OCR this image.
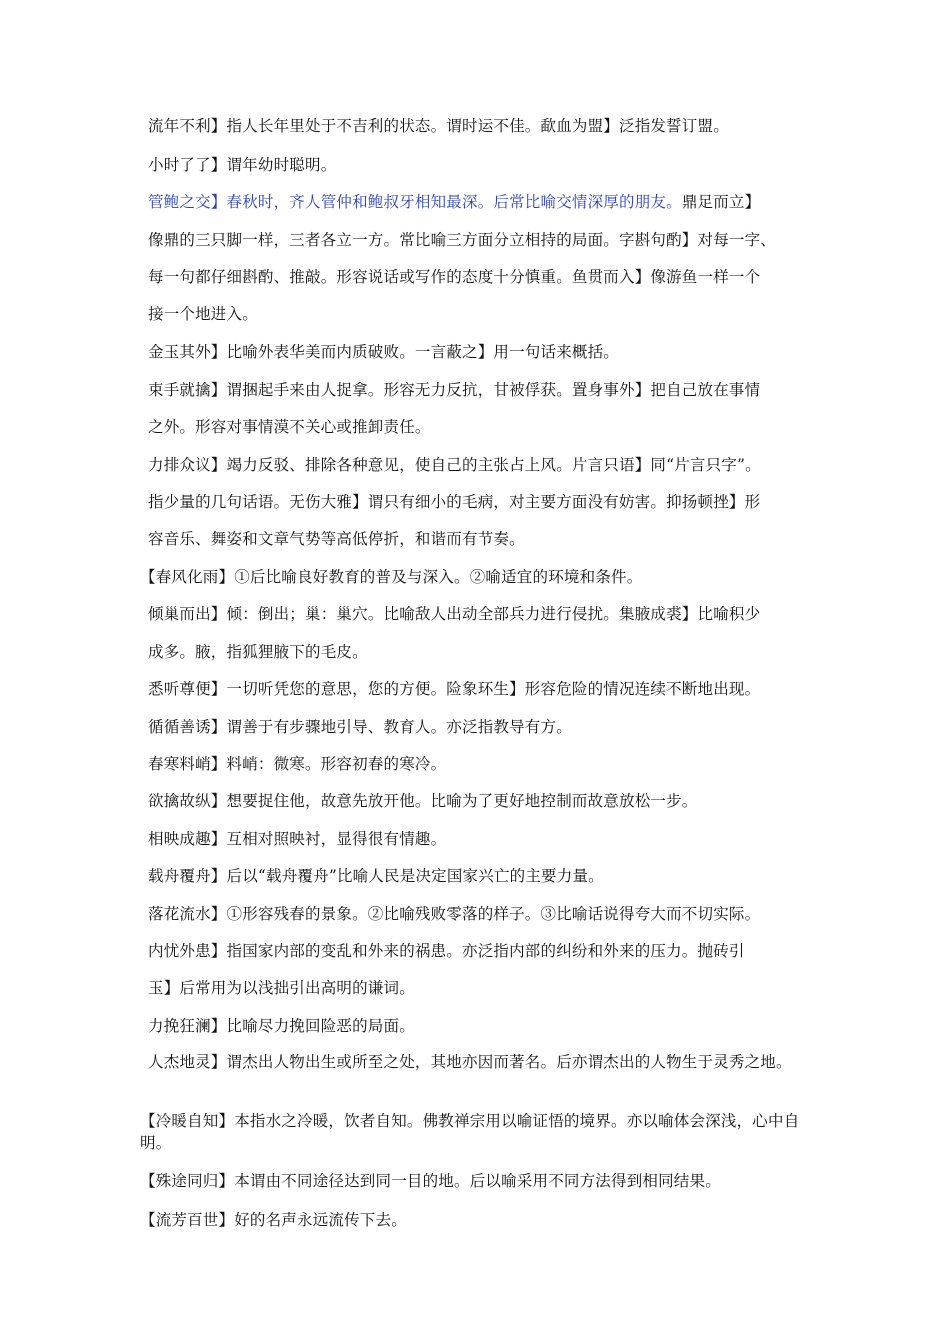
流年不利】指人长年里处于不吉利的状态。谓时运不佳。歃血为盟】泛指发誓订盟。
小时了了】谓年幼时聪明。
管鲍之交】春秋时，齐人管仲和鲍叔牙相知最深。后常比喻交情深厚的朋友。鼎足而立】
像鼎的三只脚一样，三者各立一方。常比喻三方面分立相持的局面。字斟句酌】对每一字、
每一句都仔细斟酌、推敲。形容说话或写作的态度十分慎重。鱼贯而入】像游鱼一样一个
接一个地进入。
金玉其外】比喻外表华美而内质破败。一言蔽之】用一句话来概括。
束手就擒】谓捆起手来由人捉拿。形容无力反抗，甘被俘获。置身事外】把自己放在事情
之外。形容对事情漠不关心或推卸责任。
力排众议】竭力反驳、排除各种意见，使自己的主张占上风。片言只语】同“片言只字”。
指少量的几句话语。无伤大雅】谓只有细小的毛病，对主要方面没有妨害。抑扬顿挫】形
容音乐、舞姿和文章气势等高低停折，和谐而有节奏。
【春风化雨】①后比喻良好教育的普及与深入。②喻适宜的环境和条件。
倾巢而出】倾：倒出；巢：巢穴。比喻敌人出动全部兵力进行侵扰。集腋成裘】比喻积少
成多。腋，指狐狸腋下的毛皮。
悉听尊便】一切听凭您的意思，您的方便。险象环生】形容危险的情况连续不断地出现。
循循善诱】谓善于有步骤地引导、教育人。亦泛指教导有方。
春寒料峭】料峭：微寒。形容初春的寒冷。
欲擒故纵】想要捉住他，故意先放开他。比喻为了更好地控制而故意放松一步。
相映成趣】互相对照映衬，显得很有情趣。
载舟覆舟】后以“载舟覆舟”比喻人民是决定国家兴亡的主要力量。
落花流水】①形容残春的景象。②比喻残败零落的样子。③比喻话说得夸大而不切实际。
内忧外患】指国家内部的变乱和外来的祸患。亦泛指内部的纠纷和外来的压力。抛砖引
玉】后常用为以浅拙引出高明的谦词。
力挽狂澜】比喻尽力挽回险恶的局面。
人杰地灵】谓杰出人物出生或所至之处，其地亦因而著名。后亦谓杰出的人物生于灵秀之地。
【冷暖自知】本指水之冷暖，饮者自知。佛教禅宗用以喻证悟的境界。亦以喻体会深浅，心中自明。
【殊途同归】本谓由不同途径达到同一目的地。后以喻采用不同方法得到相同结果。
【流芳百世】好的名声永远流传下去。
